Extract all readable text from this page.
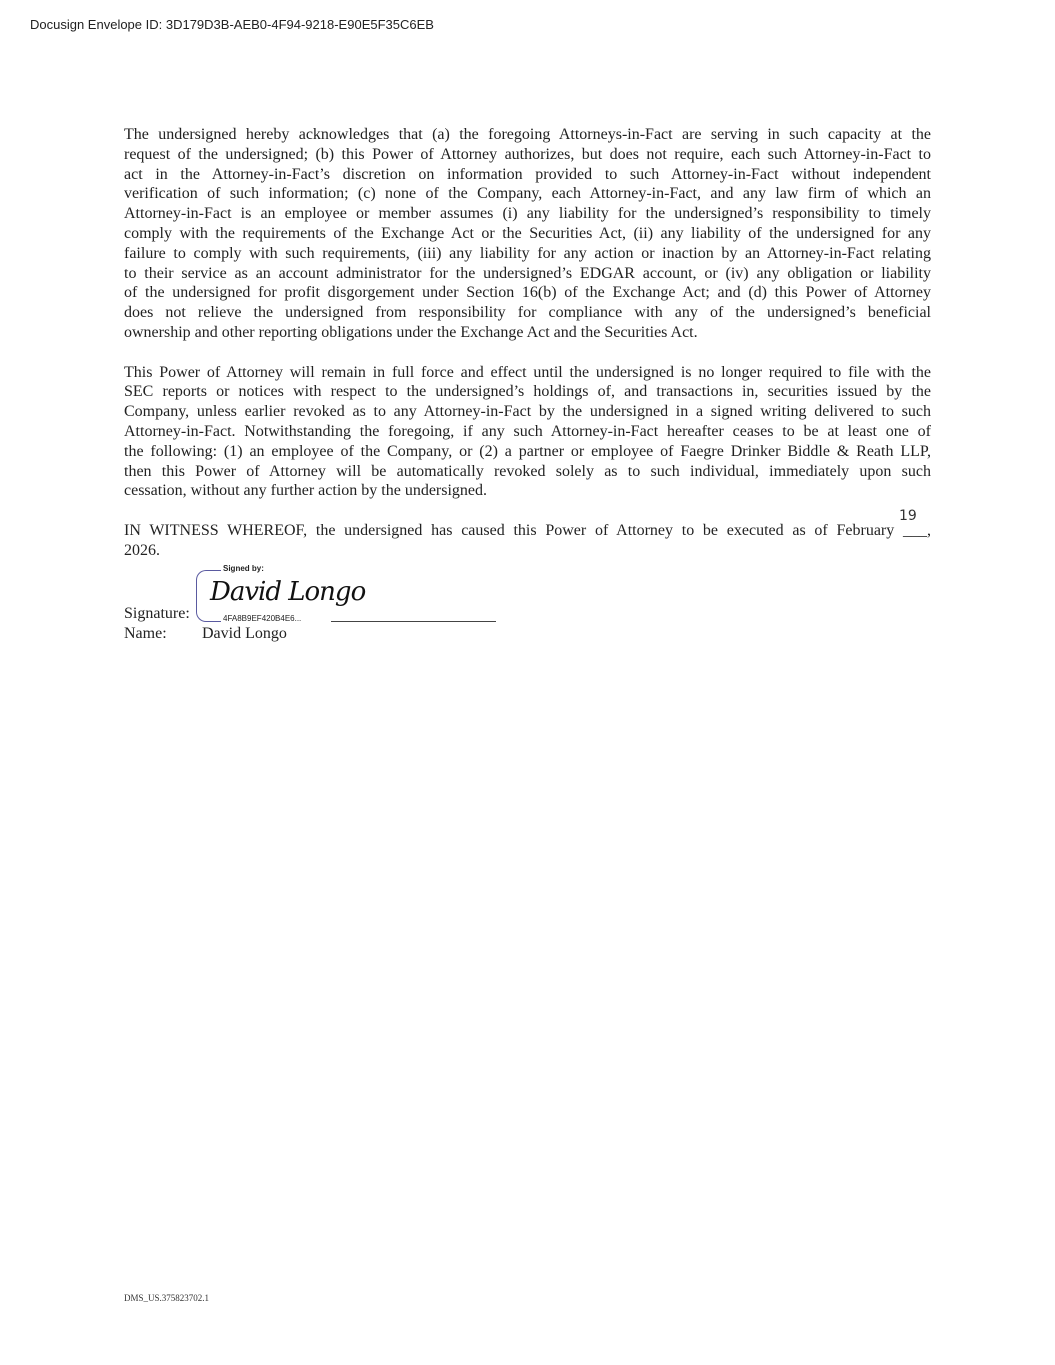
Docusign Envelope ID: 3D179D3B-AEB0-4F94-9218-E90E5F35C6EB

The undersigned hereby acknowledges that (a) the foregoing Attorneys-in-Fact are serving in such capacity at the
request of the undersigned; (b) this Power of Attorney authorizes, but does not require, each such Attorney-in-Fact to
act in the Attorney-in-Fact’s discretion on information provided to such Attorney-in-Fact without independent
verification of such information; (c) none of the Company, each Attorney-in-Fact, and any law firm of which an
Attorney-in-Fact is an employee or member assumes (i) any liability for the undersigned’s responsibility to timely
comply with the requirements of the Exchange Act or the Securities Act, (ii) any liability of the undersigned for any
failure to comply with such requirements, (iii) any liability for any action or inaction by an Attorney-in-Fact relating
to their service as an account administrator for the undersigned’s EDGAR account, or (iv) any obligation or liability
of the undersigned for profit disgorgement under Section 16(b) of the Exchange Act; and (d) this Power of Attorney
does not relieve the undersigned from responsibility for compliance with any of the undersigned’s beneficial
ownership and other reporting obligations under the Exchange Act and the Securities Act.

This Power of Attorney will remain in full force and effect until the undersigned is no longer required to file with the
SEC reports or notices with respect to the undersigned’s holdings of, and transactions in, securities issued by the
Company, unless earlier revoked as to any Attorney-in-Fact by the undersigned in a signed writing delivered to such
Attorney-in-Fact. Notwithstanding the foregoing, if any such Attorney-in-Fact hereafter ceases to be at least one of
the following: (1) an employee of the Company, or (2) a partner or employee of Faegre Drinker Biddle & Reath LLP,
then this Power of Attorney will be automatically revoked solely as to such individual, immediately upon such
cessation, without any further action by the undersigned.

IN WITNESS WHEREOF, the undersigned has caused this Power of Attorney to be executed as of February ___,
2026.

19
Signed by:
David Longo
4FA8B9EF420B4E6...
Signature:
Name: David Longo
DMS_US.375823702.1
